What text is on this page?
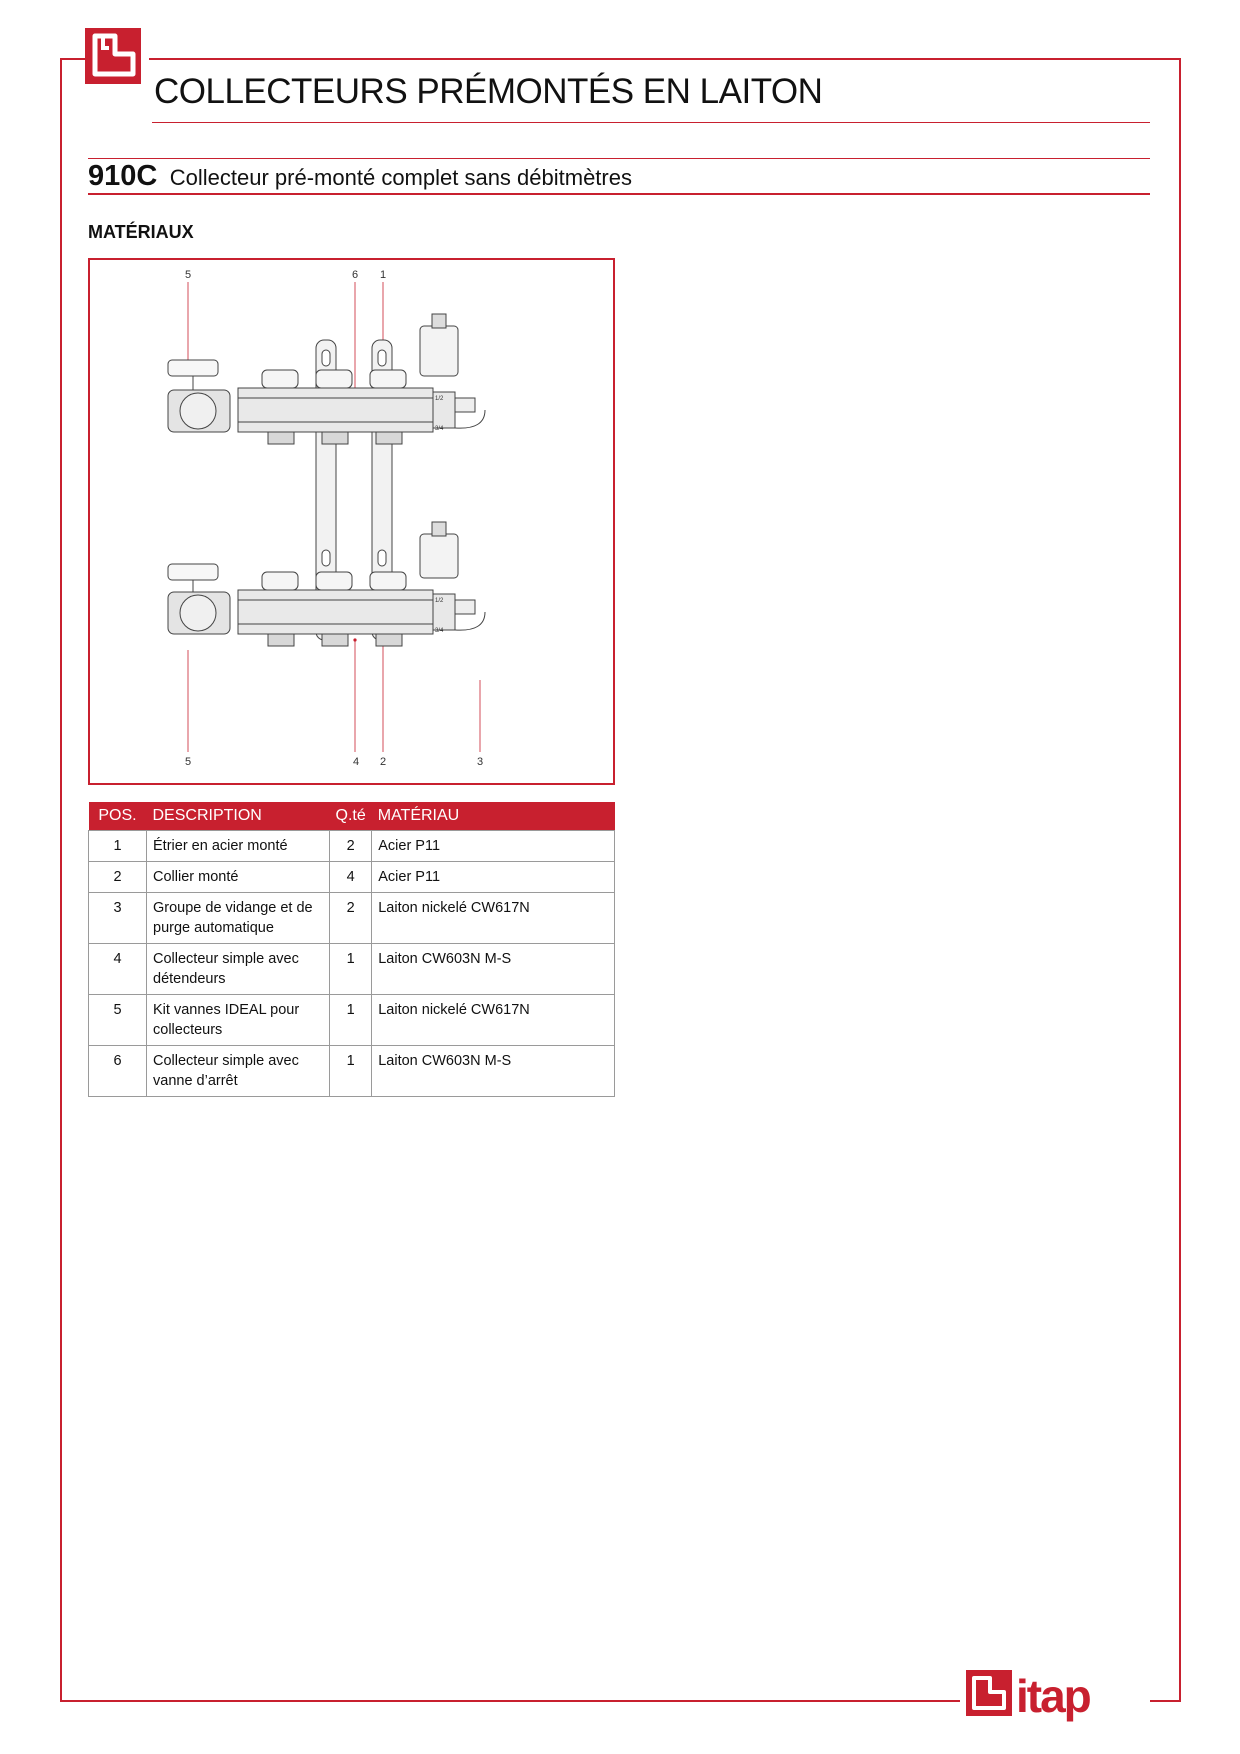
COLLECTEURS PRÉMONTÉS EN LAITON
910C Collecteur pré-monté complet sans débitmètres
MATÉRIAUX
5	6 1
5	4 2	3
1/2
3/4
1/2
3/4
POS.	DESCRIPTION	Q.té	MATÉRIAU
1	Étrier en acier monté	2	Acier P11
2	Collier monté	4	Acier P11
3	Groupe de vidange et de purge automatique	2	Laiton nickelé CW617N
4	Collecteur simple avec détendeurs	1	Laiton CW603N M-S
5	Kit vannes IDEAL pour collecteurs	1	Laiton nickelé CW617N
6	Collecteur simple avec vanne d’arrêt	1	Laiton CW603N M-S
itap
